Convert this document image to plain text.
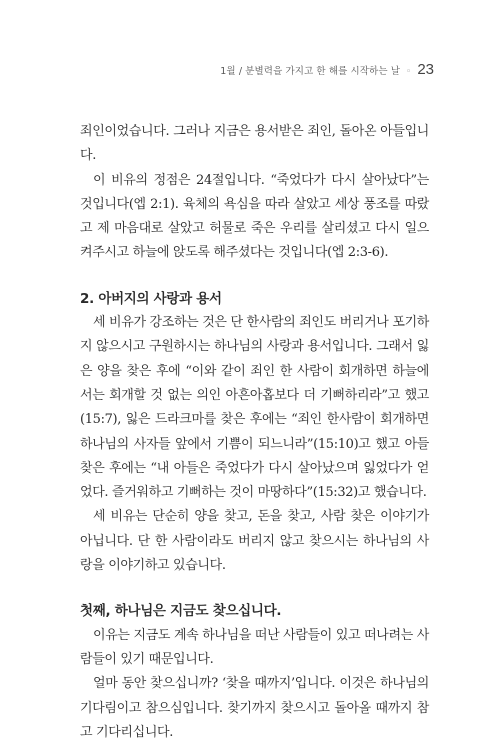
1월 / 분별력을 가지고 한 해를 시작하는 날 ◦ 23

죄인이었습니다. 그러나 지금은 용서받은 죄인, 돌아온 아들입니다.

이 비유의 정점은 24절입니다. “죽었다가 다시 살아났다”는 것입니다(엡 2:1). 육체의 욕심을 따라 살았고 세상 풍조를 따랐고 제 마음대로 살았고 허물로 죽은 우리를 살리셨고 다시 일으켜주시고 하늘에 앉도록 해주셨다는 것입니다(엡 2:3-6).

2. 아버지의 사랑과 용서

세 비유가 강조하는 것은 단 한사람의 죄인도 버리거나 포기하지 않으시고 구원하시는 하나님의 사랑과 용서입니다. 그래서 잃은 양을 찾은 후에 “이와 같이 죄인 한 사람이 회개하면 하늘에서는 회개할 것 없는 의인 아흔아홉보다 더 기뻐하리라”고 했고(15:7), 잃은 드라크마를 찾은 후에는 “죄인 한사람이 회개하면 하나님의 사자들 앞에서 기쁨이 되느니라”(15:10)고 했고 아들 찾은 후에는 “내 아들은 죽었다가 다시 살아났으며 잃었다가 얻었다. 즐거워하고 기뻐하는 것이 마땅하다”(15:32)고 했습니다.

세 비유는 단순히 양을 찾고, 돈을 찾고, 사람 찾은 이야기가 아닙니다. 단 한 사람이라도 버리지 않고 찾으시는 하나님의 사랑을 이야기하고 있습니다.

첫째, 하나님은 지금도 찾으십니다.

이유는 지금도 계속 하나님을 떠난 사람들이 있고 떠나려는 사람들이 있기 때문입니다.

얼마 동안 찾으십니까? ‘찾을 때까지’입니다. 이것은 하나님의 기다림이고 참으심입니다. 찾기까지 찾으시고 돌아올 때까지 참고 기다리십니다.
